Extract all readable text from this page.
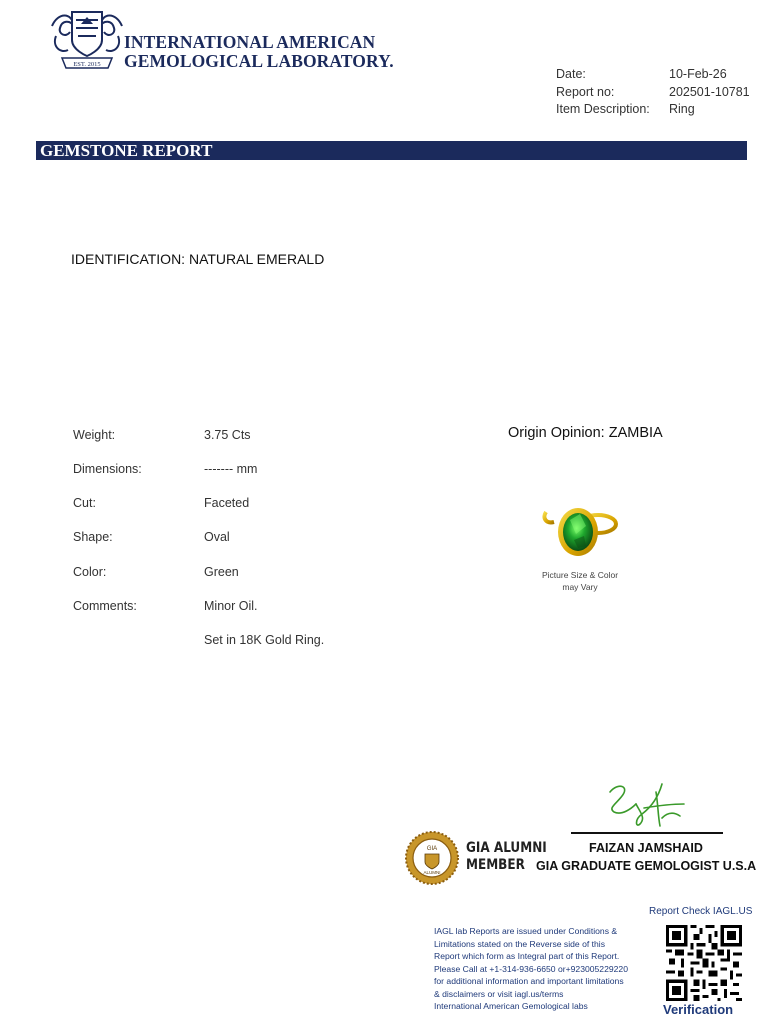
EST. 2015
INTERNATIONAL AMERICAN
GEMOLOGICAL LABORATORY.
Date:	10-Feb-26
Report no:	202501-10781
Item Description:	Ring
GEMSTONE REPORT
IDENTIFICATION: NATURAL EMERALD
Weight:	3.75 Cts
Dimensions:	------- mm
Cut:	Faceted
Shape:	Oval
Color:	Green
Comments:	Minor Oil.
Set in 18K Gold Ring.
Origin Opinion: ZAMBIA
Picture Size & Color
may Vary
FAIZAN JAMSHAID
GIA GRADUATE GEMOLOGIST U.S.A
GIA
ALUMNI
GIA ALUMNI
MEMBER
IAGL lab Reports are issued under Conditions &
Limitations stated on the Reverse side of this
Report which form as Integral part of this Report.
Please Call at +1-314-936-6650 or+923005229220
for additional information and important limitations
& disclaimers or visit iagl.us/terms
International American Gemological labs
Report Check IAGL.US
Verification
